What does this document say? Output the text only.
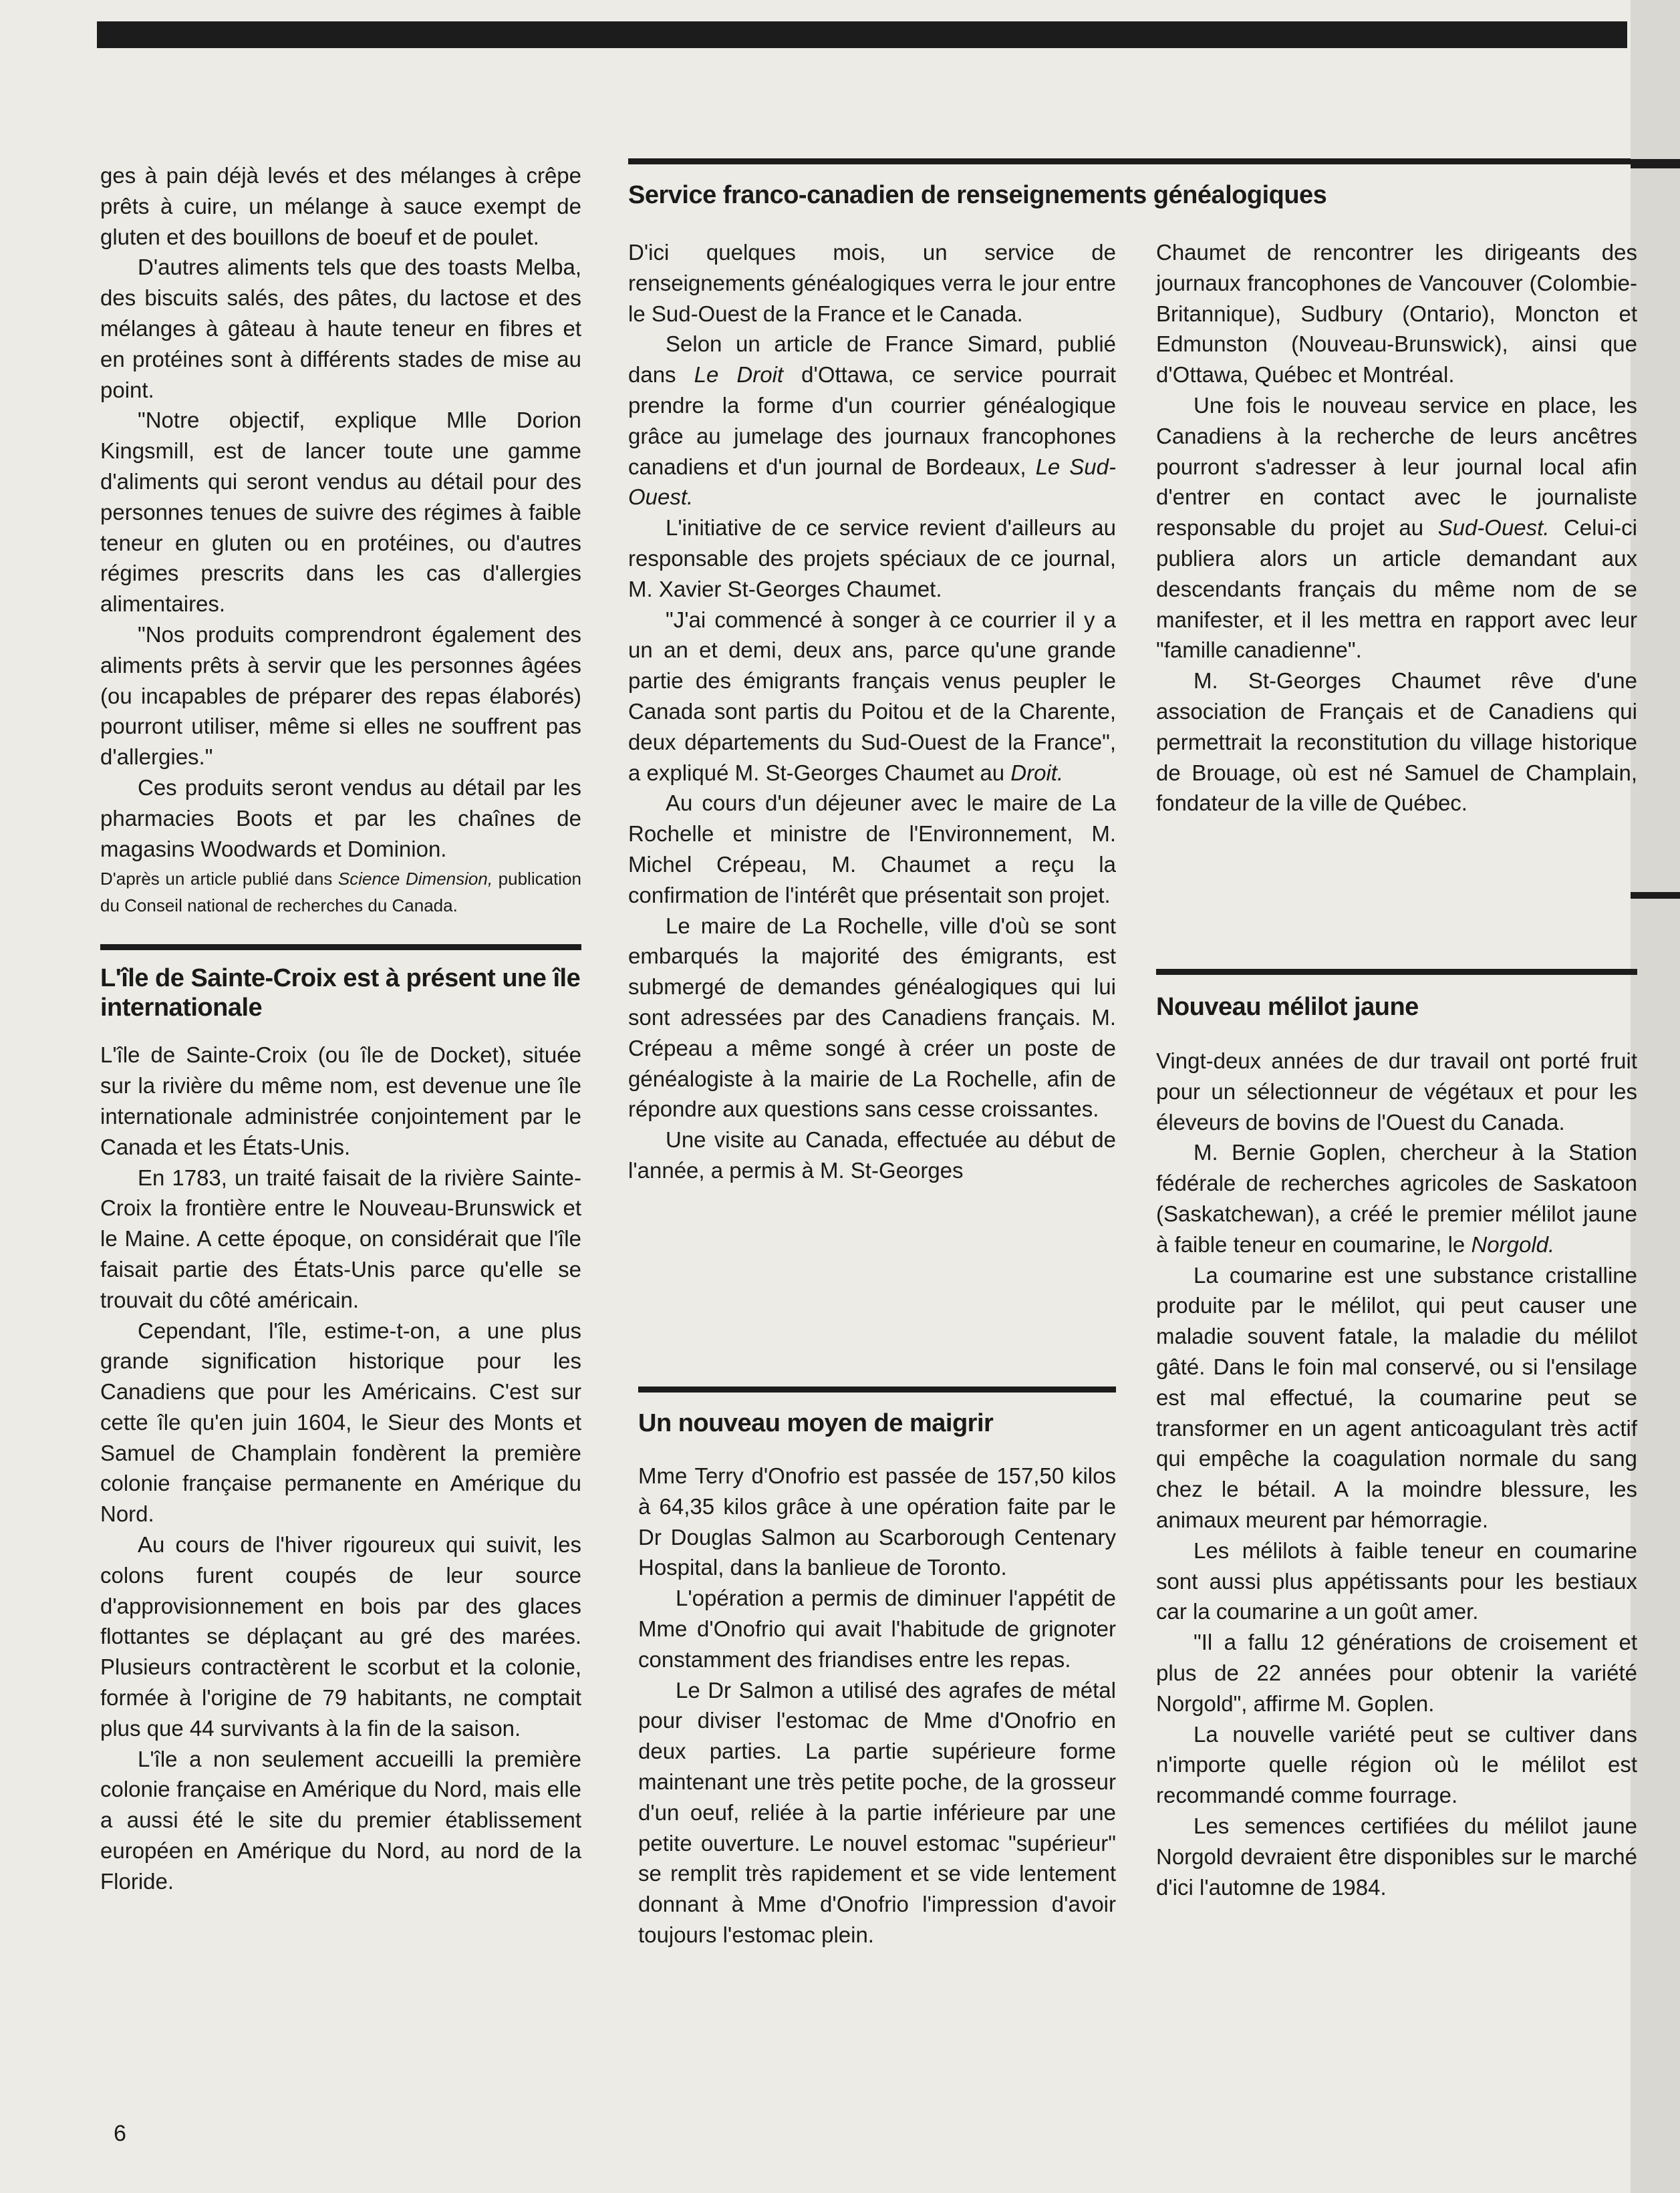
ges à pain déjà levés et des mélanges à crêpe prêts à cuire, un mélange à sauce exempt de gluten et des bouillons de boeuf et de poulet.

D'autres aliments tels que des toasts Melba, des biscuits salés, des pâtes, du lactose et des mélanges à gâteau à haute teneur en fibres et en protéines sont à différents stades de mise au point.

"Notre objectif, explique Mlle Dorion Kingsmill, est de lancer toute une gamme d'aliments qui seront vendus au détail pour des personnes tenues de suivre des régimes à faible teneur en gluten ou en protéines, ou d'autres régimes prescrits dans les cas d'allergies alimentaires.

"Nos produits comprendront également des aliments prêts à servir que les personnes âgées (ou incapables de préparer des repas élaborés) pourront utiliser, même si elles ne souffrent pas d'allergies."

Ces produits seront vendus au détail par les pharmacies Boots et par les chaînes de magasins Woodwards et Dominion.

D'après un article publié dans Science Dimension, publication du Conseil national de recherches du Canada.

L'île de Sainte-Croix est à présent une île internationale

L'île de Sainte-Croix (ou île de Docket), située sur la rivière du même nom, est devenue une île internationale administrée conjointement par le Canada et les États-Unis.

En 1783, un traité faisait de la rivière Sainte-Croix la frontière entre le Nouveau-Brunswick et le Maine. A cette époque, on considérait que l'île faisait partie des États-Unis parce qu'elle se trouvait du côté américain.

Cependant, l'île, estime-t-on, a une plus grande signification historique pour les Canadiens que pour les Américains. C'est sur cette île qu'en juin 1604, le Sieur des Monts et Samuel de Champlain fondèrent la première colonie française permanente en Amérique du Nord.

Au cours de l'hiver rigoureux qui suivit, les colons furent coupés de leur source d'approvisionnement en bois par des glaces flottantes se déplaçant au gré des marées. Plusieurs contractèrent le scorbut et la colonie, formée à l'origine de 79 habitants, ne comptait plus que 44 survivants à la fin de la saison.

L'île a non seulement accueilli la première colonie française en Amérique du Nord, mais elle a aussi été le site du premier établissement européen en Amérique du Nord, au nord de la Floride.

Service franco-canadien de renseignements généalogiques

D'ici quelques mois, un service de renseignements généalogiques verra le jour entre le Sud-Ouest de la France et le Canada.

Selon un article de France Simard, publié dans Le Droit d'Ottawa, ce service pourrait prendre la forme d'un courrier généalogique grâce au jumelage des journaux francophones canadiens et d'un journal de Bordeaux, Le Sud-Ouest.

L'initiative de ce service revient d'ailleurs au responsable des projets spéciaux de ce journal, M. Xavier St-Georges Chaumet.

"J'ai commencé à songer à ce courrier il y a un an et demi, deux ans, parce qu'une grande partie des émigrants français venus peupler le Canada sont partis du Poitou et de la Charente, deux départements du Sud-Ouest de la France", a expliqué M. St-Georges Chaumet au Droit.

Au cours d'un déjeuner avec le maire de La Rochelle et ministre de l'Environnement, M. Michel Crépeau, M. Chaumet a reçu la confirmation de l'intérêt que présentait son projet.

Le maire de La Rochelle, ville d'où se sont embarqués la majorité des émigrants, est submergé de demandes généalogiques qui lui sont adressées par des Canadiens français. M. Crépeau a même songé à créer un poste de généalogiste à la mairie de La Rochelle, afin de répondre aux questions sans cesse croissantes.

Une visite au Canada, effectuée au début de l'année, a permis à M. St-Georges

Un nouveau moyen de maigrir

Mme Terry d'Onofrio est passée de 157,50 kilos à 64,35 kilos grâce à une opération faite par le Dr Douglas Salmon au Scarborough Centenary Hospital, dans la banlieue de Toronto.

L'opération a permis de diminuer l'appétit de Mme d'Onofrio qui avait l'habitude de grignoter constamment des friandises entre les repas.

Le Dr Salmon a utilisé des agrafes de métal pour diviser l'estomac de Mme d'Onofrio en deux parties. La partie supérieure forme maintenant une très petite poche, de la grosseur d'un oeuf, reliée à la partie inférieure par une petite ouverture. Le nouvel estomac "supérieur" se remplit très rapidement et se vide lentement donnant à Mme d'Onofrio l'impression d'avoir toujours l'estomac plein.

Chaumet de rencontrer les dirigeants des journaux francophones de Vancouver (Colombie-Britannique), Sudbury (Ontario), Moncton et Edmunston (Nouveau-Brunswick), ainsi que d'Ottawa, Québec et Montréal.

Une fois le nouveau service en place, les Canadiens à la recherche de leurs ancêtres pourront s'adresser à leur journal local afin d'entrer en contact avec le journaliste responsable du projet au Sud-Ouest. Celui-ci publiera alors un article demandant aux descendants français du même nom de se manifester, et il les mettra en rapport avec leur "famille canadienne".

M. St-Georges Chaumet rêve d'une association de Français et de Canadiens qui permettrait la reconstitution du village historique de Brouage, où est né Samuel de Champlain, fondateur de la ville de Québec.

Nouveau mélilot jaune

Vingt-deux années de dur travail ont porté fruit pour un sélectionneur de végétaux et pour les éleveurs de bovins de l'Ouest du Canada.

M. Bernie Goplen, chercheur à la Station fédérale de recherches agricoles de Saskatoon (Saskatchewan), a créé le premier mélilot jaune à faible teneur en coumarine, le Norgold.

La coumarine est une substance cristalline produite par le mélilot, qui peut causer une maladie souvent fatale, la maladie du mélilot gâté. Dans le foin mal conservé, ou si l'ensilage est mal effectué, la coumarine peut se transformer en un agent anticoagulant très actif qui empêche la coagulation normale du sang chez le bétail. A la moindre blessure, les animaux meurent par hémorragie.

Les mélilots à faible teneur en coumarine sont aussi plus appétissants pour les bestiaux car la coumarine a un goût amer.

"Il a fallu 12 générations de croisement et plus de 22 années pour obtenir la variété Norgold", affirme M. Goplen.

La nouvelle variété peut se cultiver dans n'importe quelle région où le mélilot est recommandé comme fourrage.

Les semences certifiées du mélilot jaune Norgold devraient être disponibles sur le marché d'ici l'automne de 1984.

6
